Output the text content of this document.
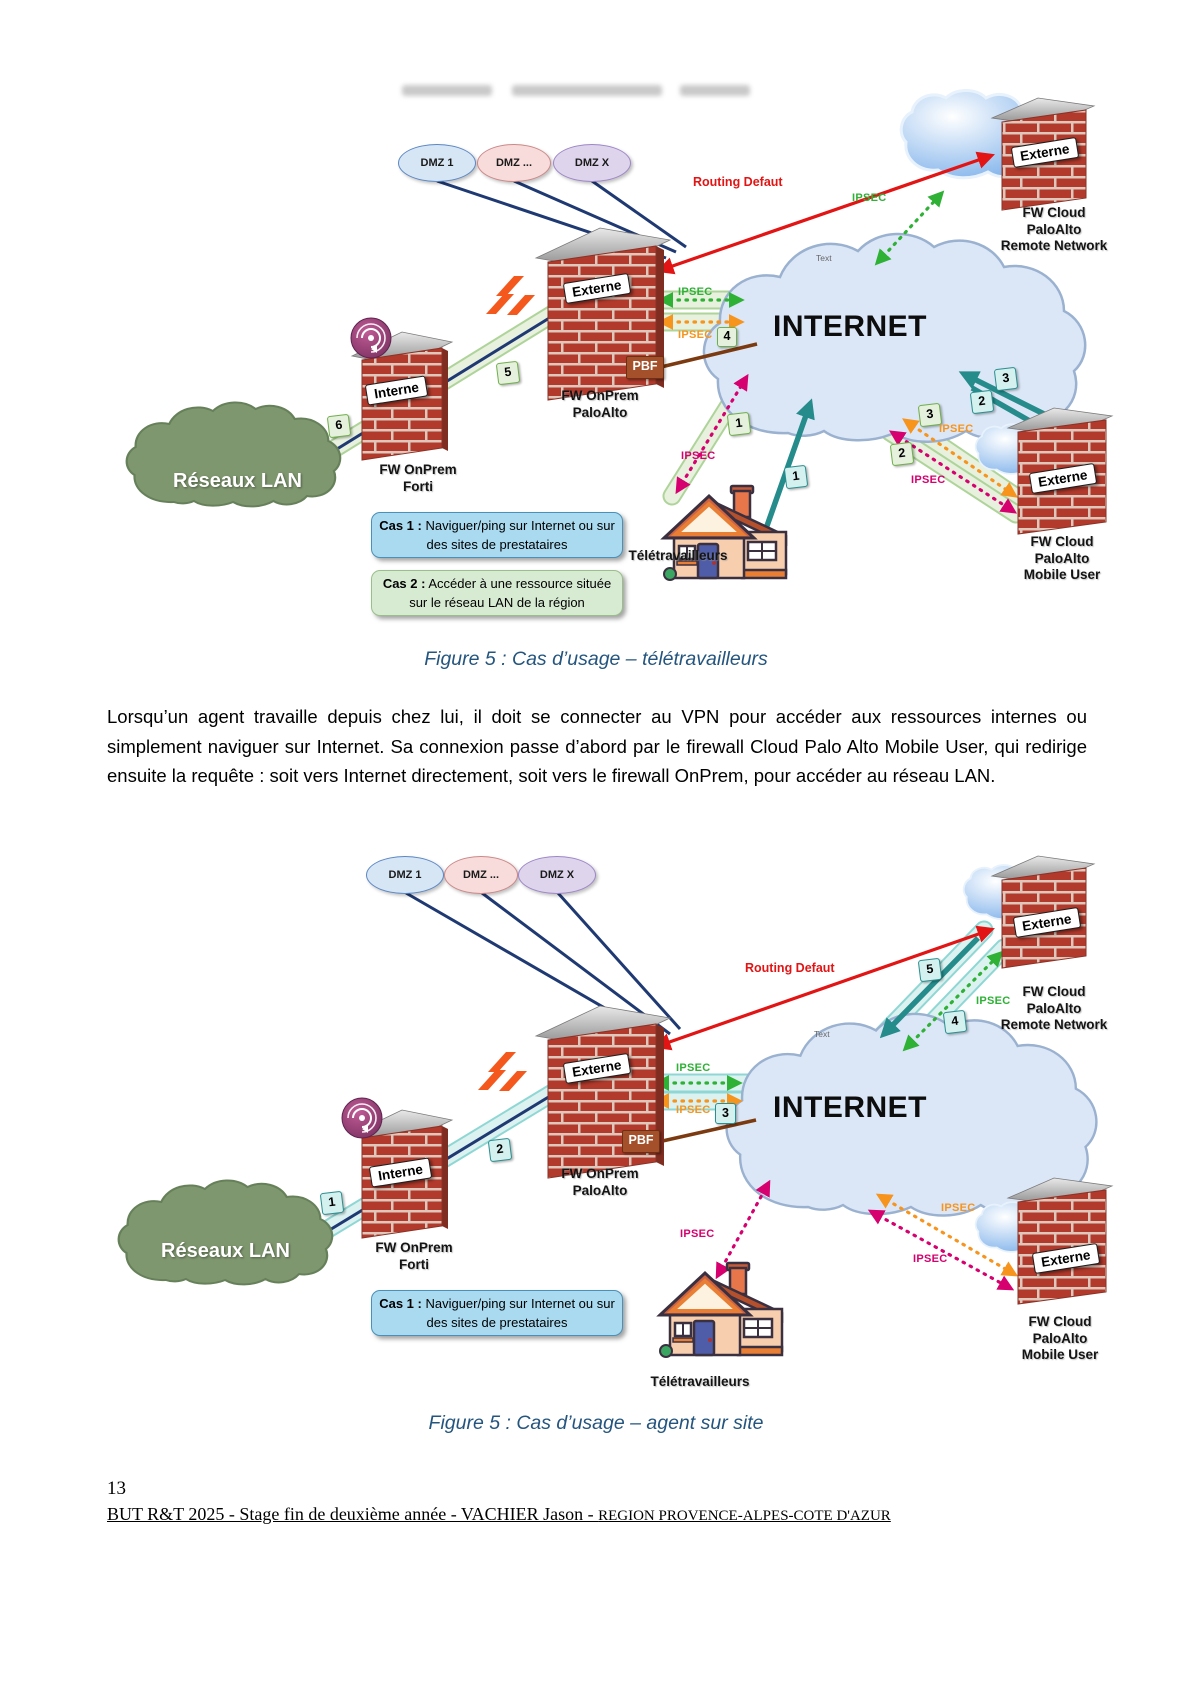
DMZ 1	DMZ ...	DMZ X
Routing Defaut
IPSEC
FW Cloud
PaloAlto
Remote Network
Externe
Externe
Interne
Externe
Text
INTERNET
IPSEC
IPSEC 4
PBF
FW OnPrem
PaloAlto
5
6
Réseaux LAN
FW OnPrem
Forti
1
IPSEC
1
3
2
3
IPSEC
2
IPSEC
FW Cloud
PaloAlto
Mobile User
Cas 1 : Naviguer/ping sur Internet ou sur des sites de prestataires
Cas 2 : Accéder à une ressource située sur le réseau LAN de la région
Télétravailleurs
Figure 5 : Cas d’usage – télétravailleurs
Lorsqu’un agent travaille depuis chez lui, il doit se connecter au VPN pour accéder aux ressources internes ou simplement naviguer sur Internet. Sa connexion passe d’abord par le firewall Cloud Palo Alto Mobile User, qui redirige ensuite la requête : soit vers Internet directement, soit vers le firewall OnPrem, pour accéder au réseau LAN.
DMZ 1	DMZ ...	DMZ X
Routing Defaut
Externe
5
4
IPSEC
FW Cloud
PaloAlto
Remote Network
Externe
Interne
Externe
Text
INTERNET
IPSEC
IPSEC 3
PBF
FW OnPrem
PaloAlto
2
1
Réseaux LAN	FW OnPrem
Forti
IPSEC
IPSEC
IPSEC
FW Cloud
PaloAlto
Mobile User
Cas 1 : Naviguer/ping sur Internet ou sur des sites de prestataires
Télétravailleurs
Figure 5 : Cas d’usage – agent sur site
13
BUT R&T 2025 - Stage fin de deuxième année - VACHIER Jason - REGION PROVENCE-ALPES-COTE D'AZUR
